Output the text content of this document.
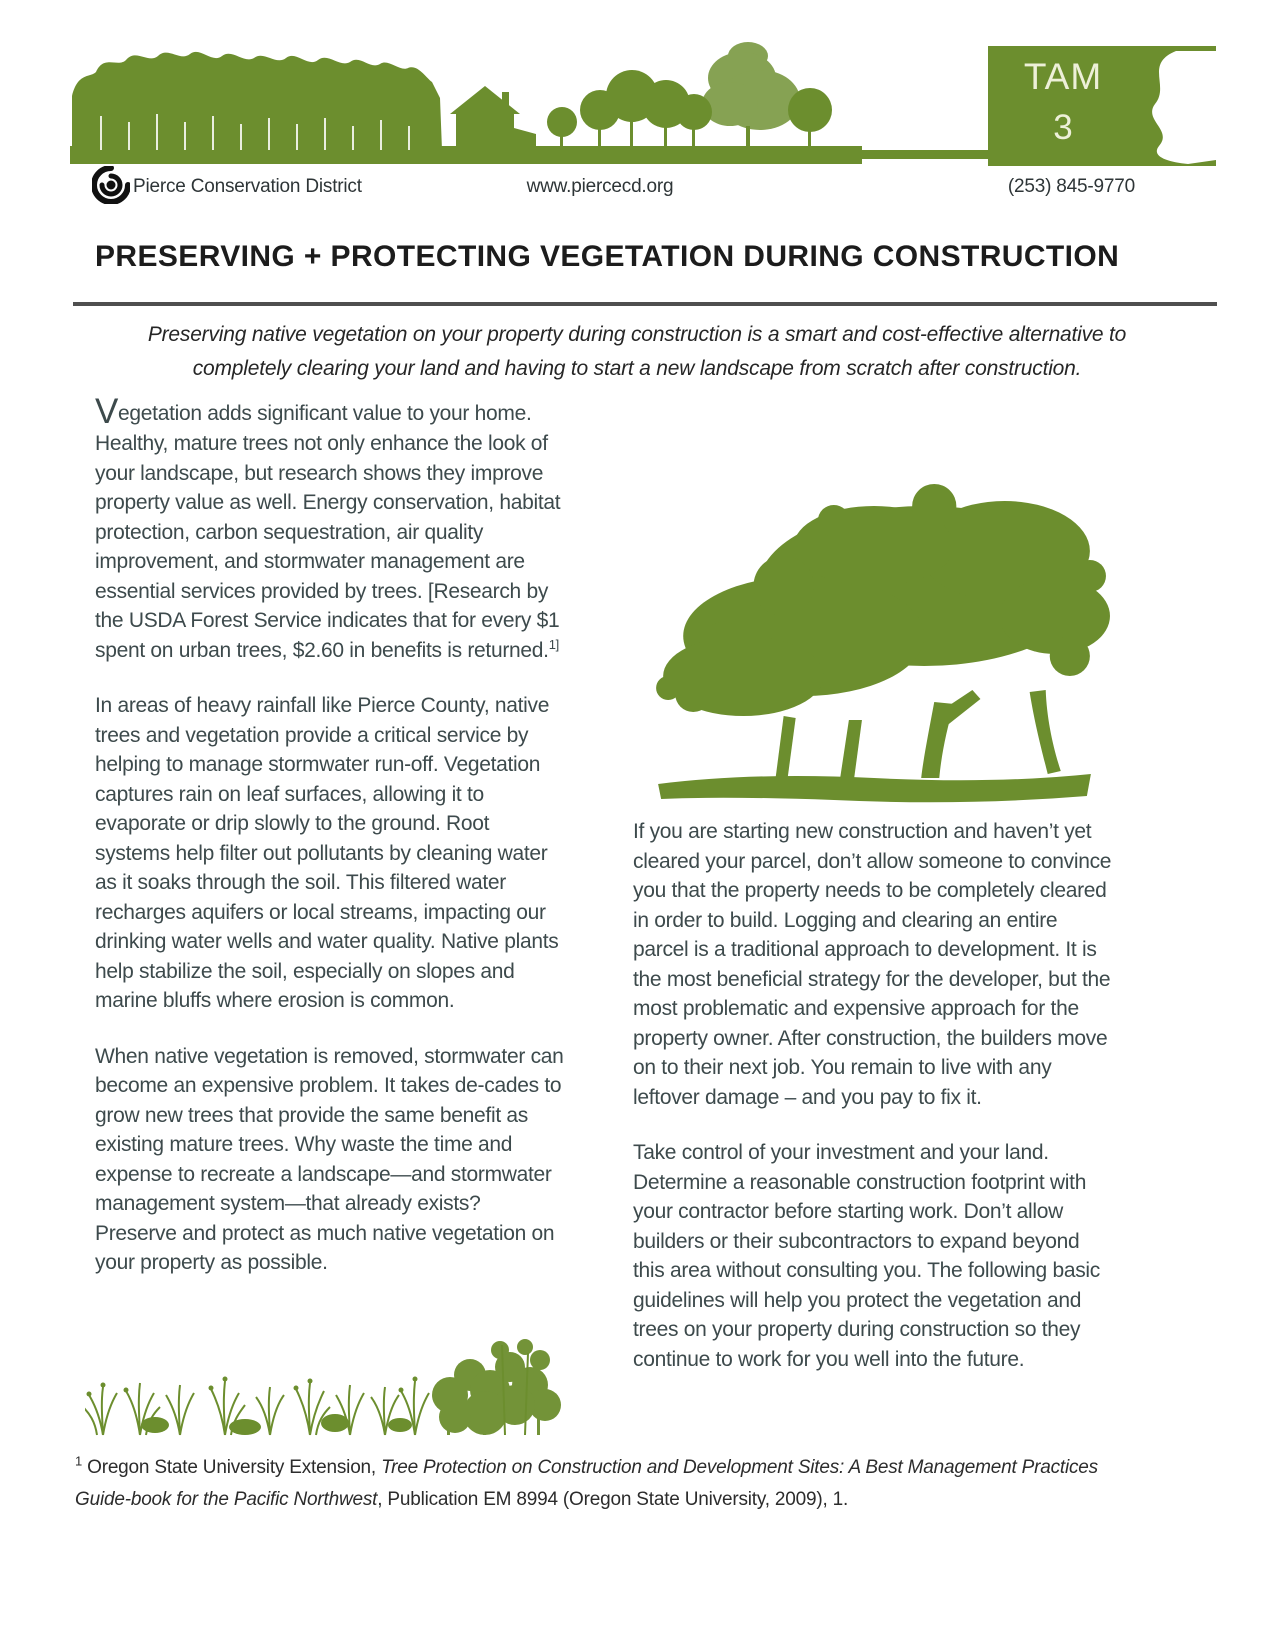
TAM
3
Pierce Conservation District	www.piercecd.org	(253) 845-9770
PRESERVING + PROTECTING VEGETATION DURING CONSTRUCTION

Preserving native vegetation on your property during construction is a smart and cost-effective alternative to completely clearing your land and having to start a new landscape from scratch after construction.

Vegetation adds significant value to your home. Healthy, mature trees not only enhance the look of your landscape, but research shows they improve property value as well. Energy conservation, habitat protection, carbon sequestration, air quality improvement, and stormwater management are essential services provided by trees. [Research by the USDA Forest Service indicates that for every $1 spent on urban trees, $2.60 in benefits is returned.$^{1]}$

In areas of heavy rainfall like Pierce County, native trees and vegetation provide a critical service by helping to manage stormwater run-off. Vegetation captures rain on leaf surfaces, allowing it to evaporate or drip slowly to the ground. Root systems help filter out pollutants by cleaning water as it soaks through the soil. This filtered water recharges aquifers or local streams, impacting our drinking water wells and water quality. Native plants help stabilize the soil, especially on slopes and marine bluffs where erosion is common.

When native vegetation is removed, stormwater can become an expensive problem. It takes de-cades to grow new trees that provide the same benefit as existing mature trees. Why waste the time and expense to recreate a landscape—and stormwater management system—that already exists? Preserve and protect as much native vegetation on your property as possible.

If you are starting new construction and haven’t yet cleared your parcel, don’t allow someone to convince you that the property needs to be completely cleared in order to build. Logging and clearing an entire parcel is a traditional approach to development. It is the most beneficial strategy for the developer, but the most problematic and expensive approach for the property owner. After construction, the builders move on to their next job. You remain to live with any leftover damage – and you pay to fix it.

Take control of your investment and your land. Determine a reasonable construction footprint with your contractor before starting work. Don’t allow builders or their subcontractors to expand beyond this area without consulting you. The following basic guidelines will help you protect the vegetation and trees on your property during construction so they continue to work for you well into the future.

$^1$ Oregon State University Extension, Tree Protection on Construction and Development Sites: A Best Management Practices Guide-book for the Pacific Northwest, Publication EM 8994 (Oregon State University, 2009), 1.
